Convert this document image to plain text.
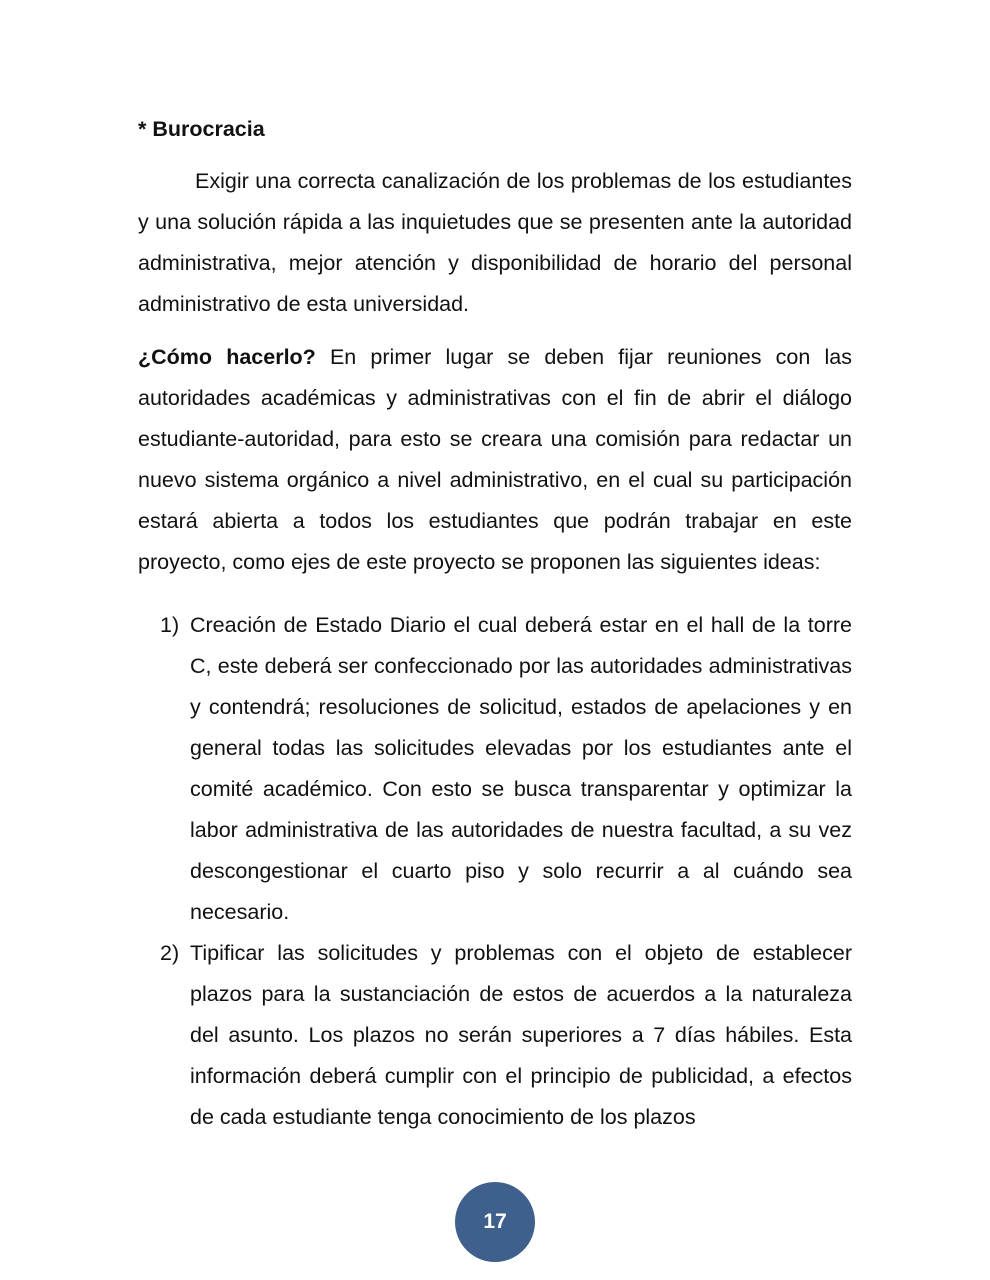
* Burocracia

Exigir una correcta canalización de los problemas de los estudiantes y una solución rápida a las inquietudes que se presenten ante la autoridad administrativa, mejor atención y disponibilidad de horario del personal administrativo de esta universidad.

¿Cómo hacerlo? En primer lugar se deben fijar reuniones con las autoridades académicas y administrativas con el fin de abrir el diálogo estudiante-autoridad, para esto se creara una comisión para redactar un nuevo sistema orgánico a nivel administrativo, en el cual su participación estará abierta a todos los estudiantes que podrán trabajar en este proyecto, como ejes de este proyecto se proponen las siguientes ideas:

1) Creación de Estado Diario el cual deberá estar en el hall de la torre C, este deberá ser confeccionado por las autoridades administrativas y contendrá; resoluciones de solicitud, estados de apelaciones y en general todas las solicitudes elevadas por los estudiantes ante el comité académico. Con esto se busca transparentar y optimizar la labor administrativa de las autoridades de nuestra facultad, a su vez descongestionar el cuarto piso y solo recurrir a al cuándo sea necesario.
2) Tipificar las solicitudes y problemas con el objeto de establecer plazos para la sustanciación de estos de acuerdos a la naturaleza del asunto. Los plazos no serán superiores a 7 días hábiles. Esta información deberá cumplir con el principio de publicidad, a efectos de cada estudiante tenga conocimiento de los plazos
17
